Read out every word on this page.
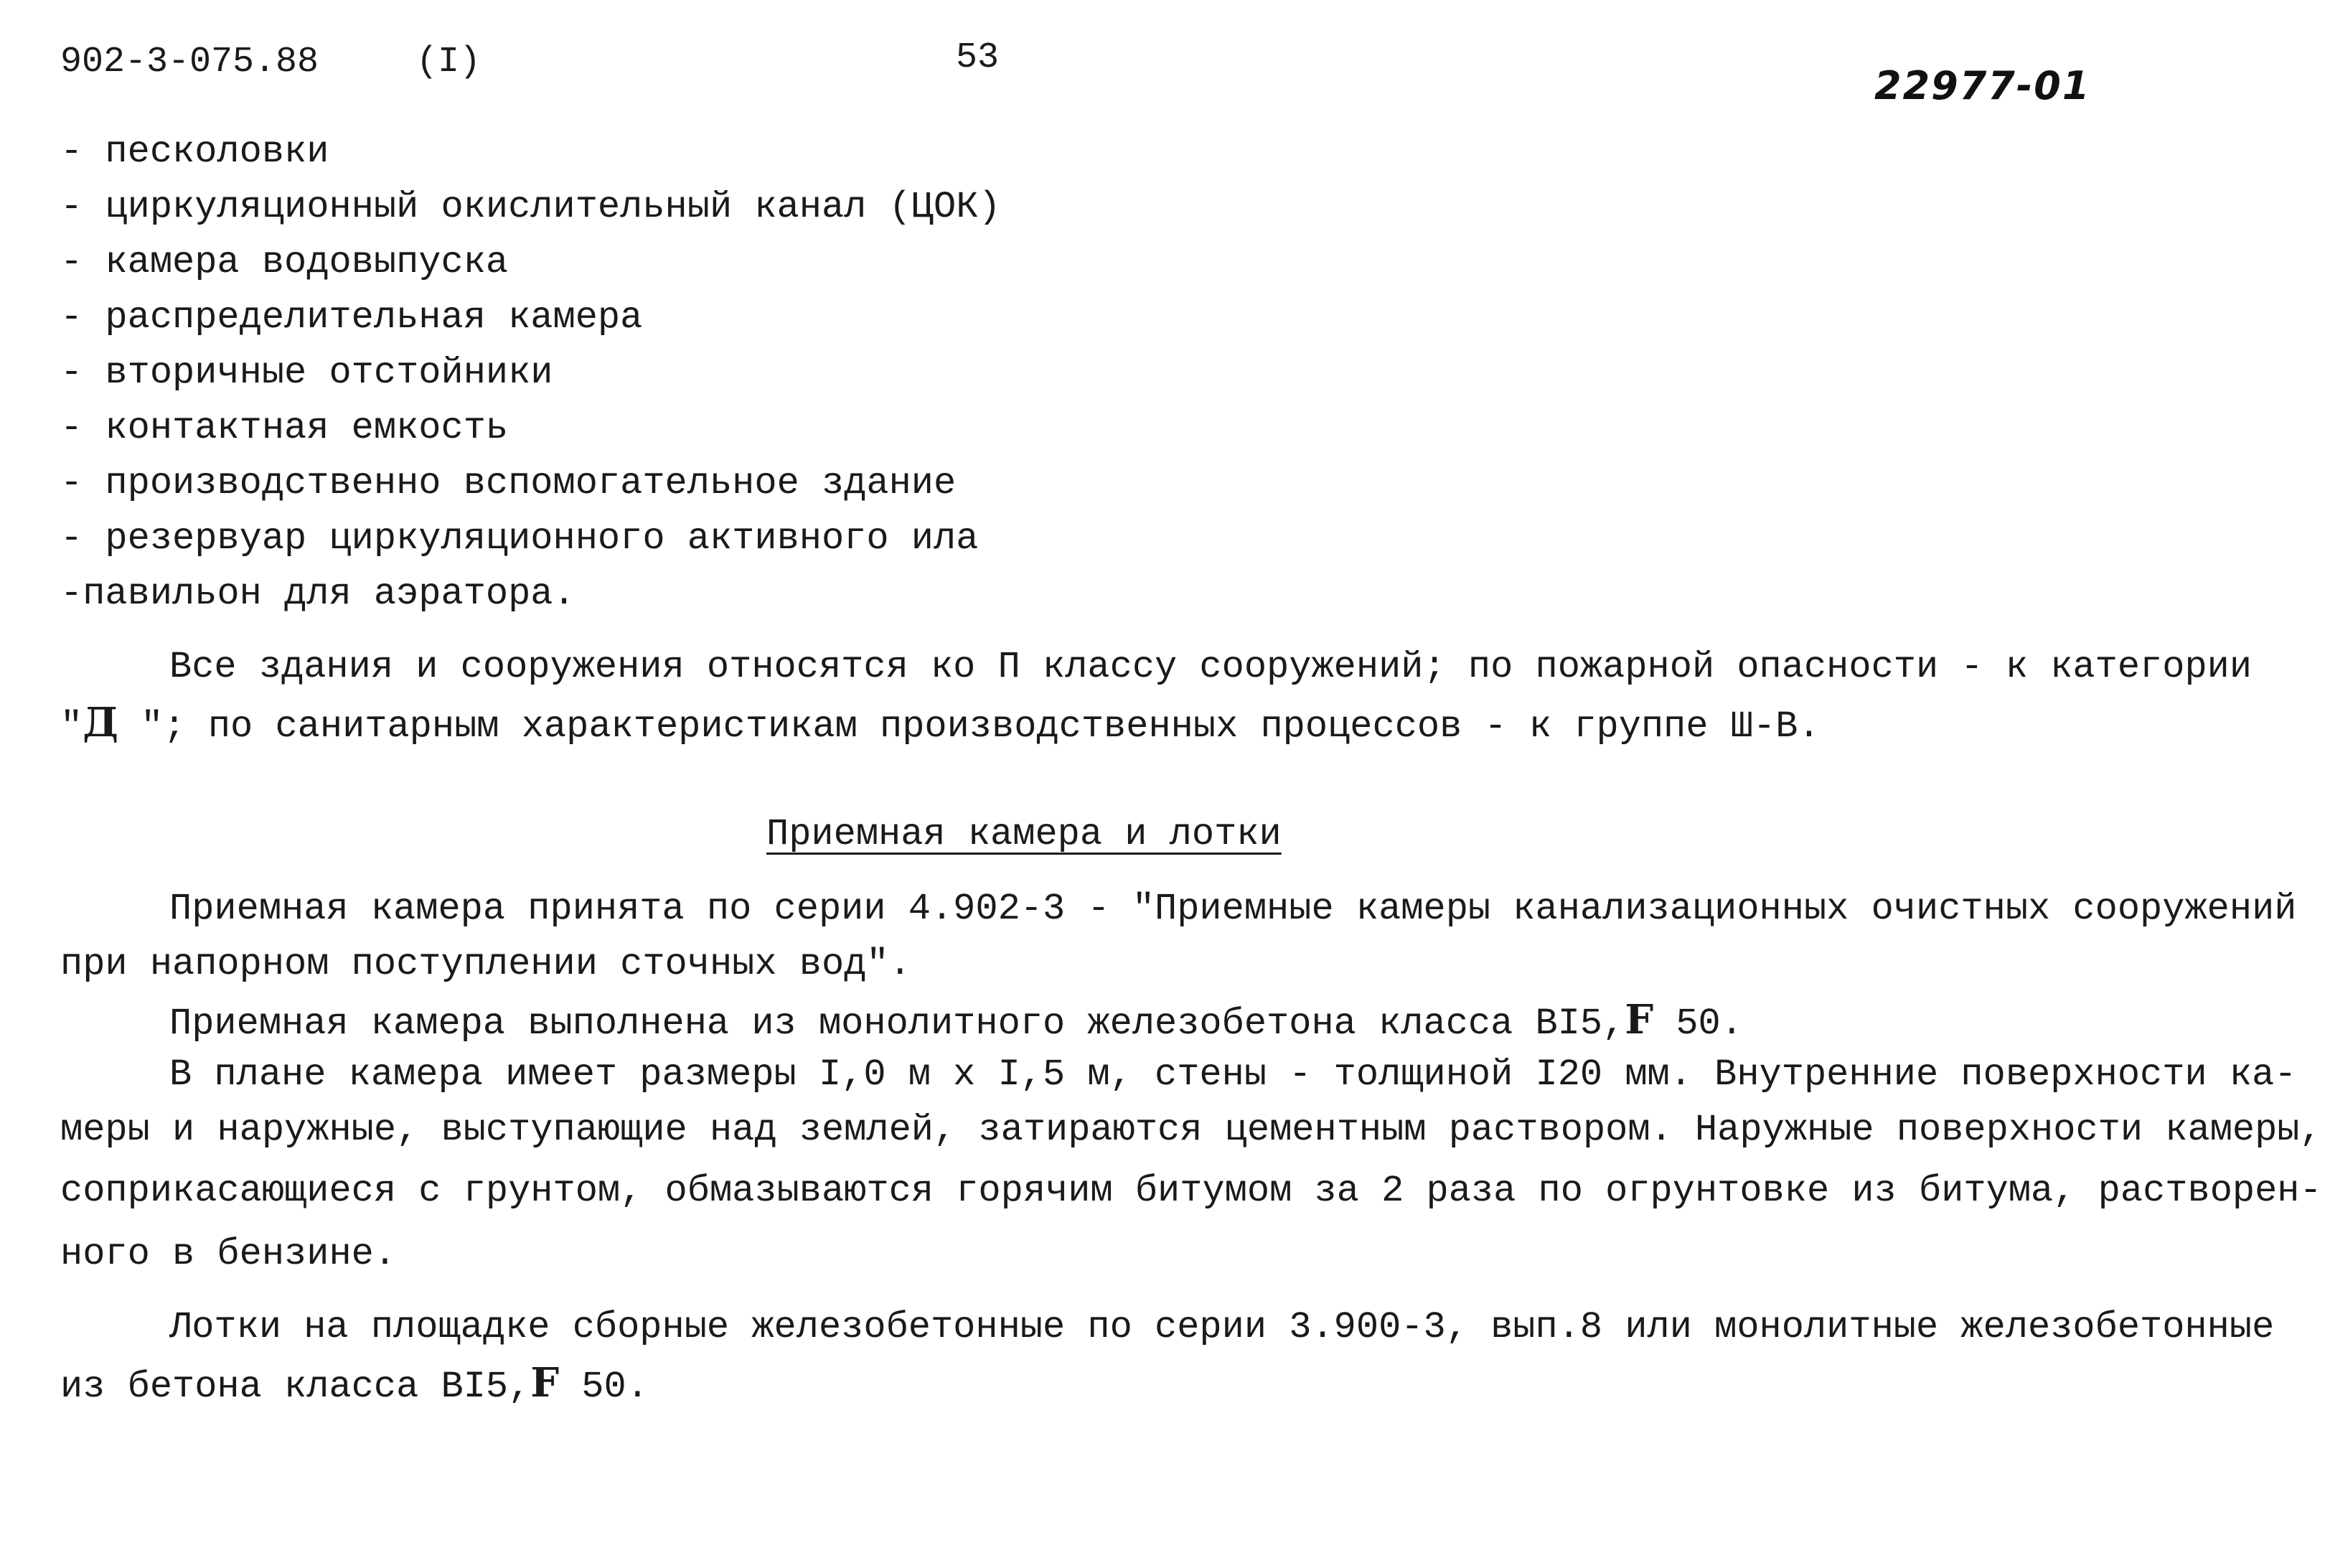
902-3-075.88	(I)	53
22977-01
- песколовки
- циркуляционный окислительный канал (ЦОК)
- камера водовыпуска
- распределительная камера
- вторичные отстойники
- контактная емкость
- производственно вспомогательное здание
- резервуар циркуляционного активного ила
-павильон для аэратора.
Все здания и сооружения относятся ко П классу сооружений; по пожарной опасности - к категории
"Д "; по санитарным характеристикам производственных процессов - к группе Ш-В.
Приемная камера и лотки
Приемная камера принята по серии 4.902-3 - "Приемные камеры канализационных очистных сооружений
при напорном поступлении сточных вод".
Приемная камера выполнена из монолитного железобетона класса BI5,F 50.
В плане камера имеет размеры I,0 м х I,5 м, стены - толщиной I20 мм. Внутренние поверхности ка-
меры и наружные, выступающие над землей, затираются цементным раствором. Наружные поверхности камеры,
соприкасающиеся с грунтом, обмазываются горячим битумом за 2 раза по огрунтовке из битума, растворен-
ного в бензине.
Лотки на площадке сборные железобетонные по серии 3.900-3, вып.8 или монолитные железобетонные
из бетона класса BI5,F 50.
